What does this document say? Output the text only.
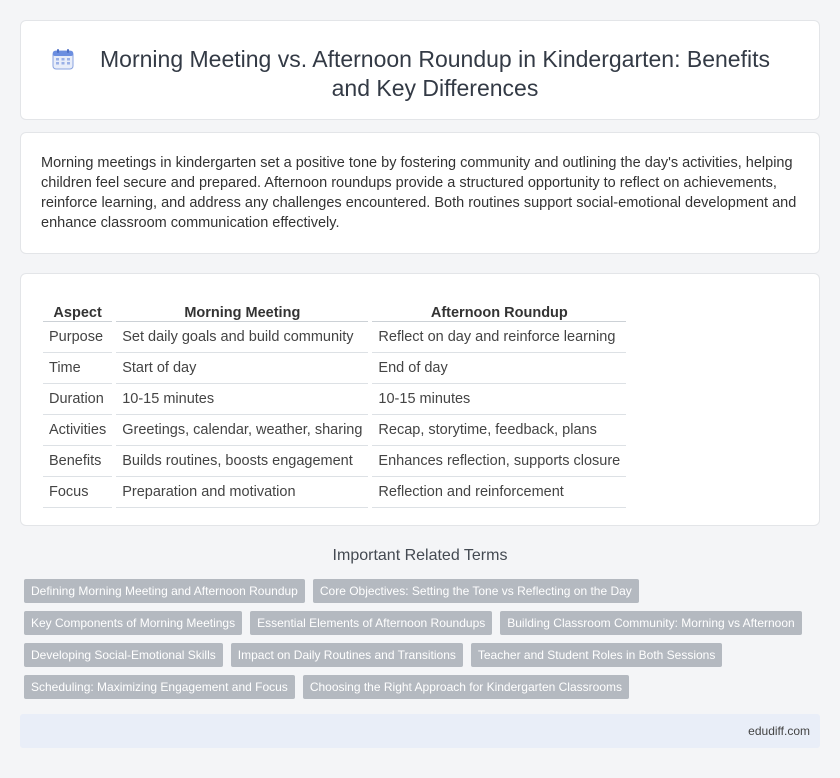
Morning Meeting vs. Afternoon Roundup in Kindergarten: Benefits and Key Differences

Morning meetings in kindergarten set a positive tone by fostering community and outlining the day's activities, helping children feel secure and prepared. Afternoon roundups provide a structured opportunity to reflect on achievements, reinforce learning, and address any challenges encountered. Both routines support social-emotional development and enhance classroom communication effectively.

Aspect		Morning Meeting		Afternoon Roundup
Purpose		Set daily goals and build community		Reflect on day and reinforce learning
Time		Start of day		End of day
Duration		10-15 minutes		10-15 minutes
Activities		Greetings, calendar, weather, sharing		Recap, storytime, feedback, plans
Benefits		Builds routines, boosts engagement		Enhances reflection, supports closure
Focus		Preparation and motivation		Reflection and reinforcement
Important Related Terms
Defining Morning Meeting and Afternoon Roundup	Core Objectives: Setting the Tone vs Reflecting on the Day
Key Components of Morning Meetings	Essential Elements of Afternoon Roundups	Building Classroom Community: Morning vs Afternoon
Developing Social-Emotional Skills	Impact on Daily Routines and Transitions	Teacher and Student Roles in Both Sessions
Scheduling: Maximizing Engagement and Focus	Choosing the Right Approach for Kindergarten Classrooms
edudiff.com
